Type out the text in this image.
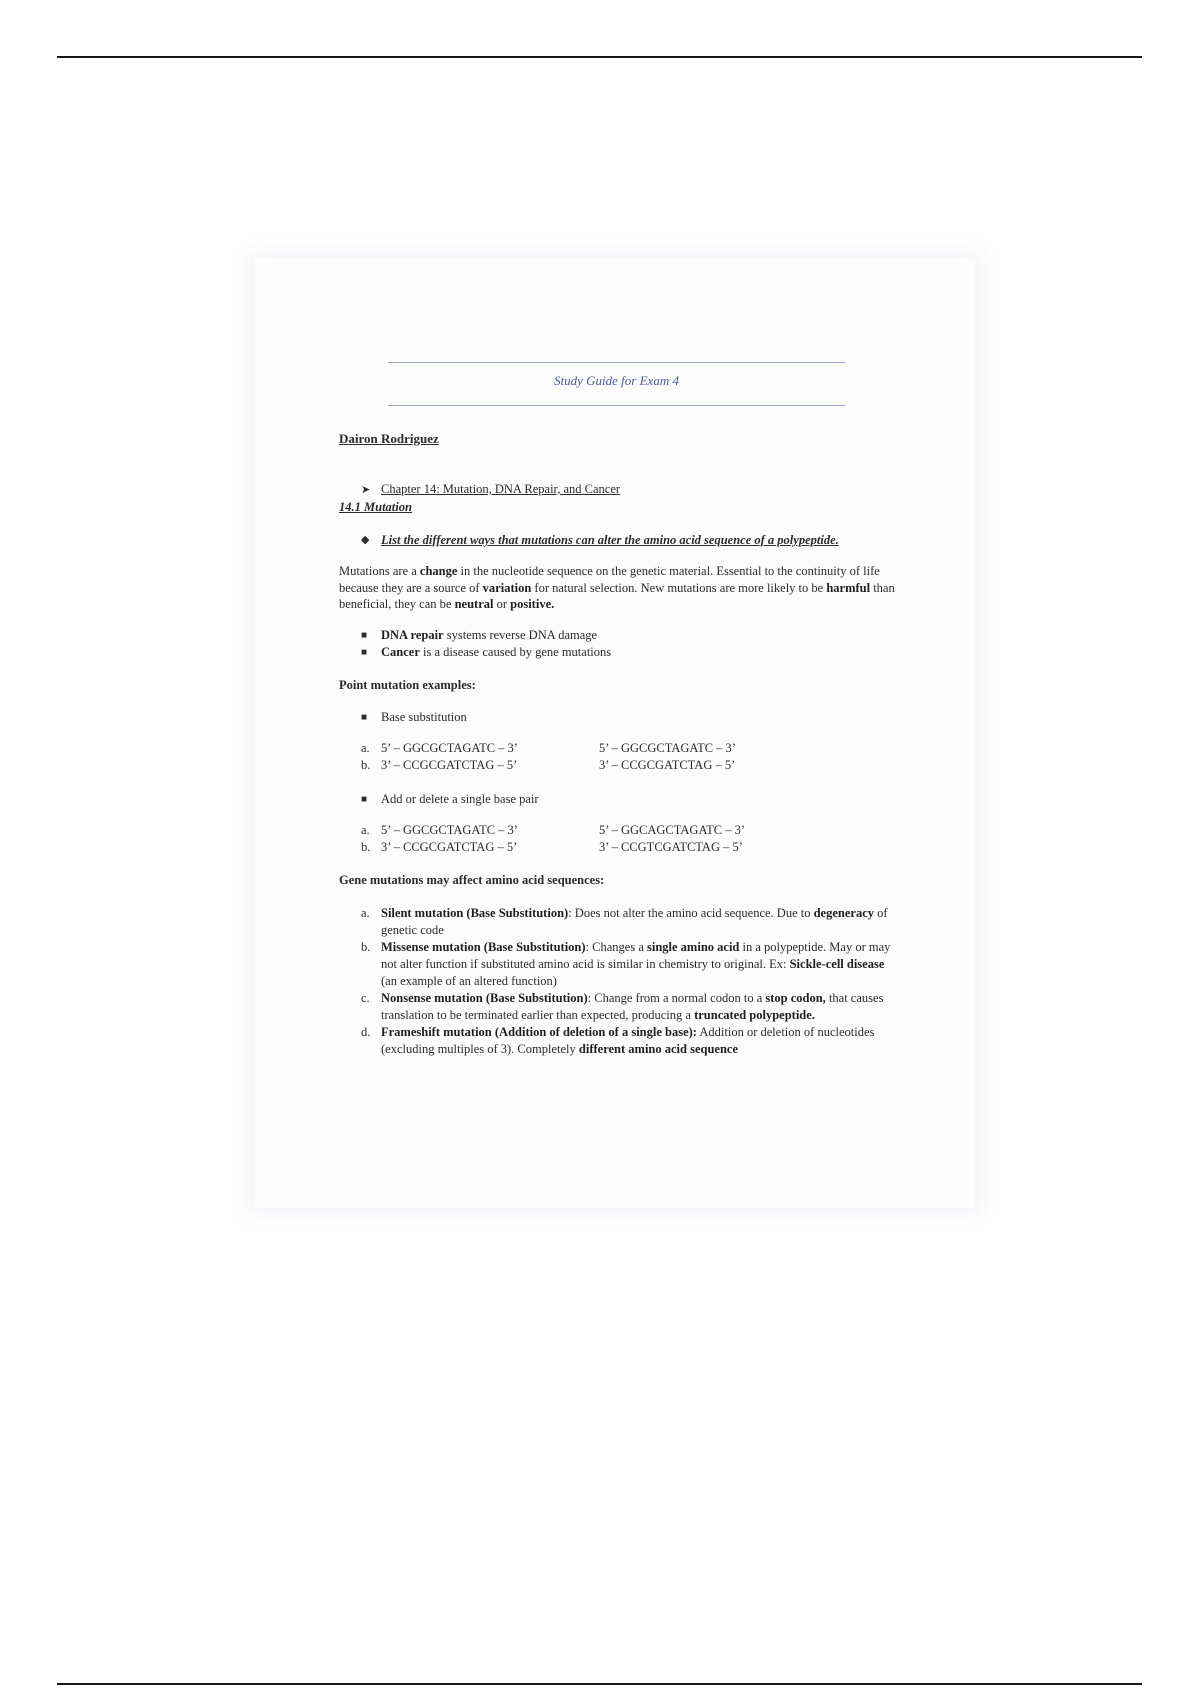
Study Guide for Exam 4

Dairon Rodriguez

➤ Chapter 14: Mutation, DNA Repair, and Cancer

14.1 Mutation

◆ List the different ways that mutations can alter the amino acid sequence of a polypeptide.

Mutations are a change in the nucleotide sequence on the genetic material. Essential to the continuity of life because they are a source of variation for natural selection. New mutations are more likely to be harmful than beneficial, they can be neutral or positive.

■	DNA repair systems reverse DNA damage
■	Cancer is a disease caused by gene mutations

Point mutation examples:

■	Base substitution
a. 5’ – GGCGCTAGATC – 3’	5’ – GGCGCTAGATC – 3’
b. 3’ – CCGCGATCTAG – 5’	3’ – CCGCGATCTAG – 5’
■	Add or delete a single base pair
a. 5’ – GGCGCTAGATC – 3’	5’ – GGCAGCTAGATC – 3’
b. 3’ – CCGCGATCTAG – 5’	3’ – CCGTCGATCTAG – 5’

Gene mutations may affect amino acid sequences:

a. Silent mutation (Base Substitution): Does not alter the amino acid sequence. Due to degeneracy of genetic code
b. Missense mutation (Base Substitution): Changes a single amino acid in a polypeptide. May or may not alter function if substituted amino acid is similar in chemistry to original. Ex: Sickle-cell disease (an example of an altered function)
c. Nonsense mutation (Base Substitution): Change from a normal codon to a stop codon, that causes translation to be terminated earlier than expected, producing a truncated polypeptide.
d. Frameshift mutation (Addition of deletion of a single base): Addition or deletion of nucleotides (excluding multiples of 3). Completely different amino acid sequence
